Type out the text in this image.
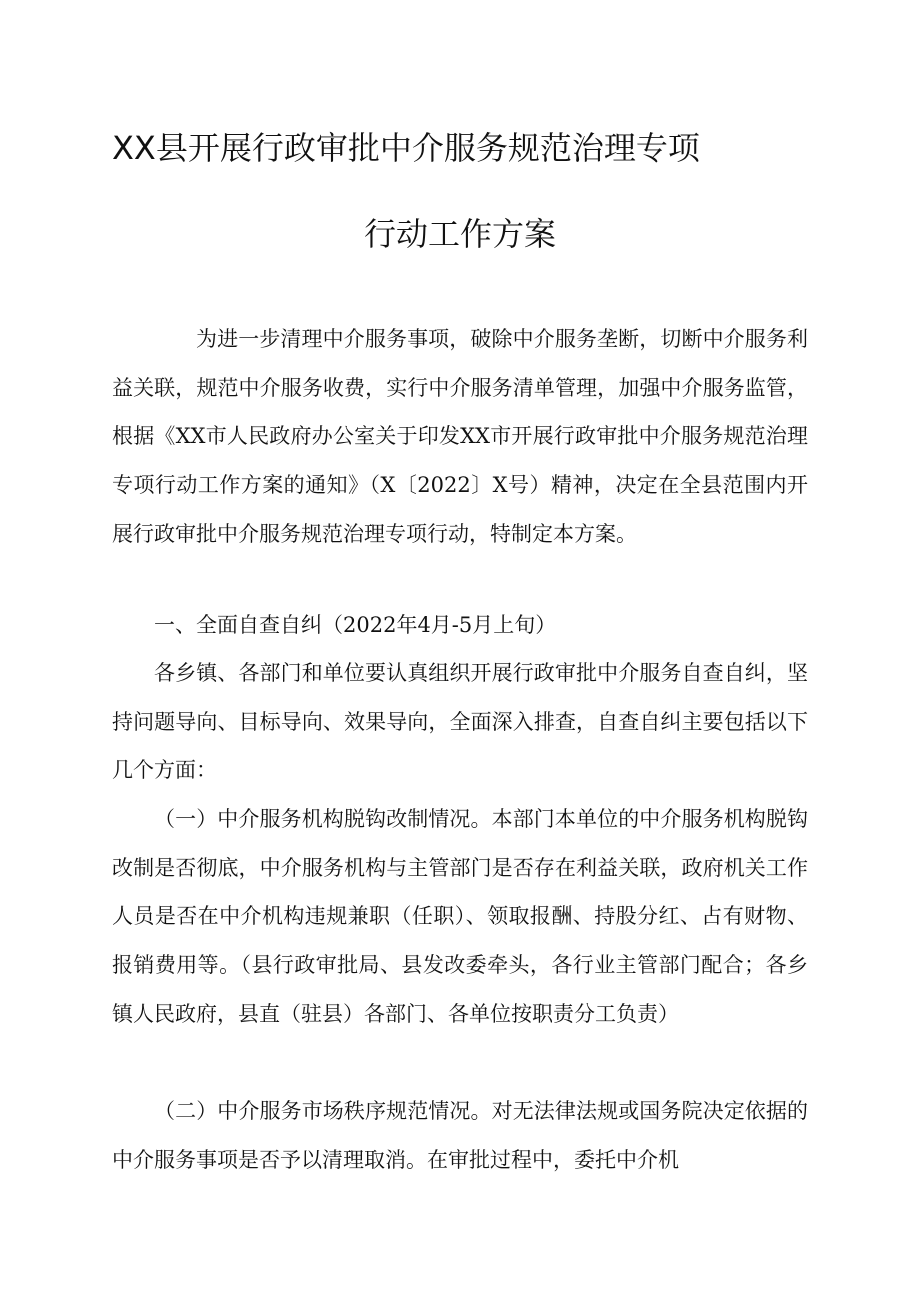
XX县开展行政审批中介服务规范治理专项
行动工作方案

为进一步清理中介服务事项，破除中介服务垄断，切断中介服务利益关联，规范中介服务收费，实行中介服务清单管理，加强中介服务监管，根据《XX市人民政府办公室关于印发XX市开展行政审批中介服务规范治理专项行动工作方案的通知》（X〔2022〕X号）精神，决定在全县范围内开展行政审批中介服务规范治理专项行动，特制定本方案。

一、全面自查自纠（2022年4月-5月上旬）

各乡镇、各部门和单位要认真组织开展行政审批中介服务自查自纠，坚持问题导向、目标导向、效果导向，全面深入排查，自查自纠主要包括以下几个方面：

（一）中介服务机构脱钩改制情况。本部门本单位的中介服务机构脱钩改制是否彻底，中介服务机构与主管部门是否存在利益关联，政府机关工作人员是否在中介机构违规兼职（任职）、领取报酬、持股分红、占有财物、报销费用等。（县行政审批局、县发改委牵头，各行业主管部门配合；各乡镇人民政府，县直（驻县）各部门、各单位按职责分工负责）

（二）中介服务市场秩序规范情况。对无法律法规或国务院决定依据的中介服务事项是否予以清理取消。在审批过程中，委托中介机
